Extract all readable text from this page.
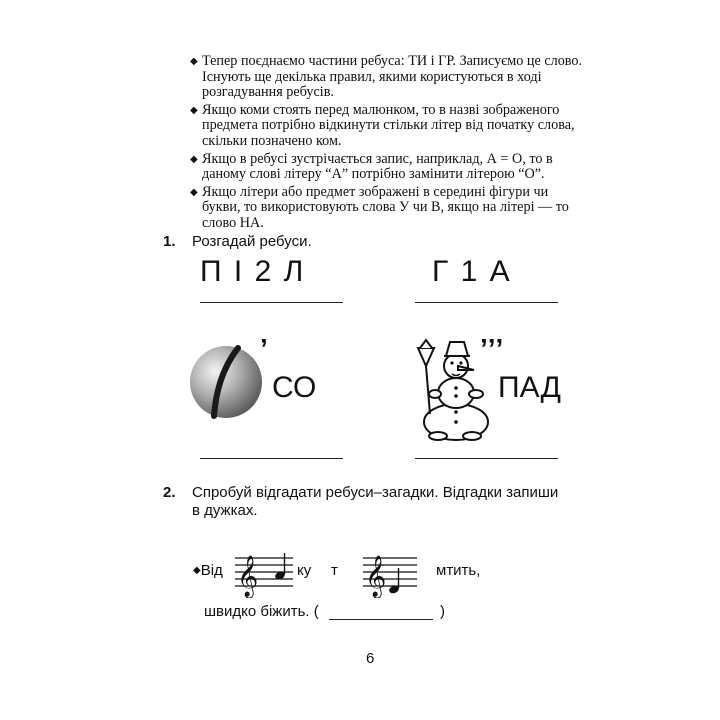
◆ Тепер поєднаємо частини ребуса: ТИ і ГР. Записуємо це слово. Існують ще декілька правил, якими користуються в ході розгадування ребусів.
◆ Якщо коми стоять перед малюнком, то в назві зображеного предмета потрібно відкинути стільки літер від початку слова, скільки позначено ком.
◆ Якщо в ребусі зустрічається запис, наприклад, А = О, то в даному слові літеру “А” потрібно замінити літерою “О”.
◆ Якщо літери або предмет зображені в середині фігури чи букви, то використовують слова У чи В, якщо на літері — то слово НА.
1. Розгадай ребуси.
П І 2 Л	Г 1 А
’
СО
’’’
ПАД
2. Спробуй відгадати ребуси–загадки. Відгадки запиши
в дужках.
◆Від 𝄞	ку т 𝄞	мтить,
швидко біжить. (	)
6
